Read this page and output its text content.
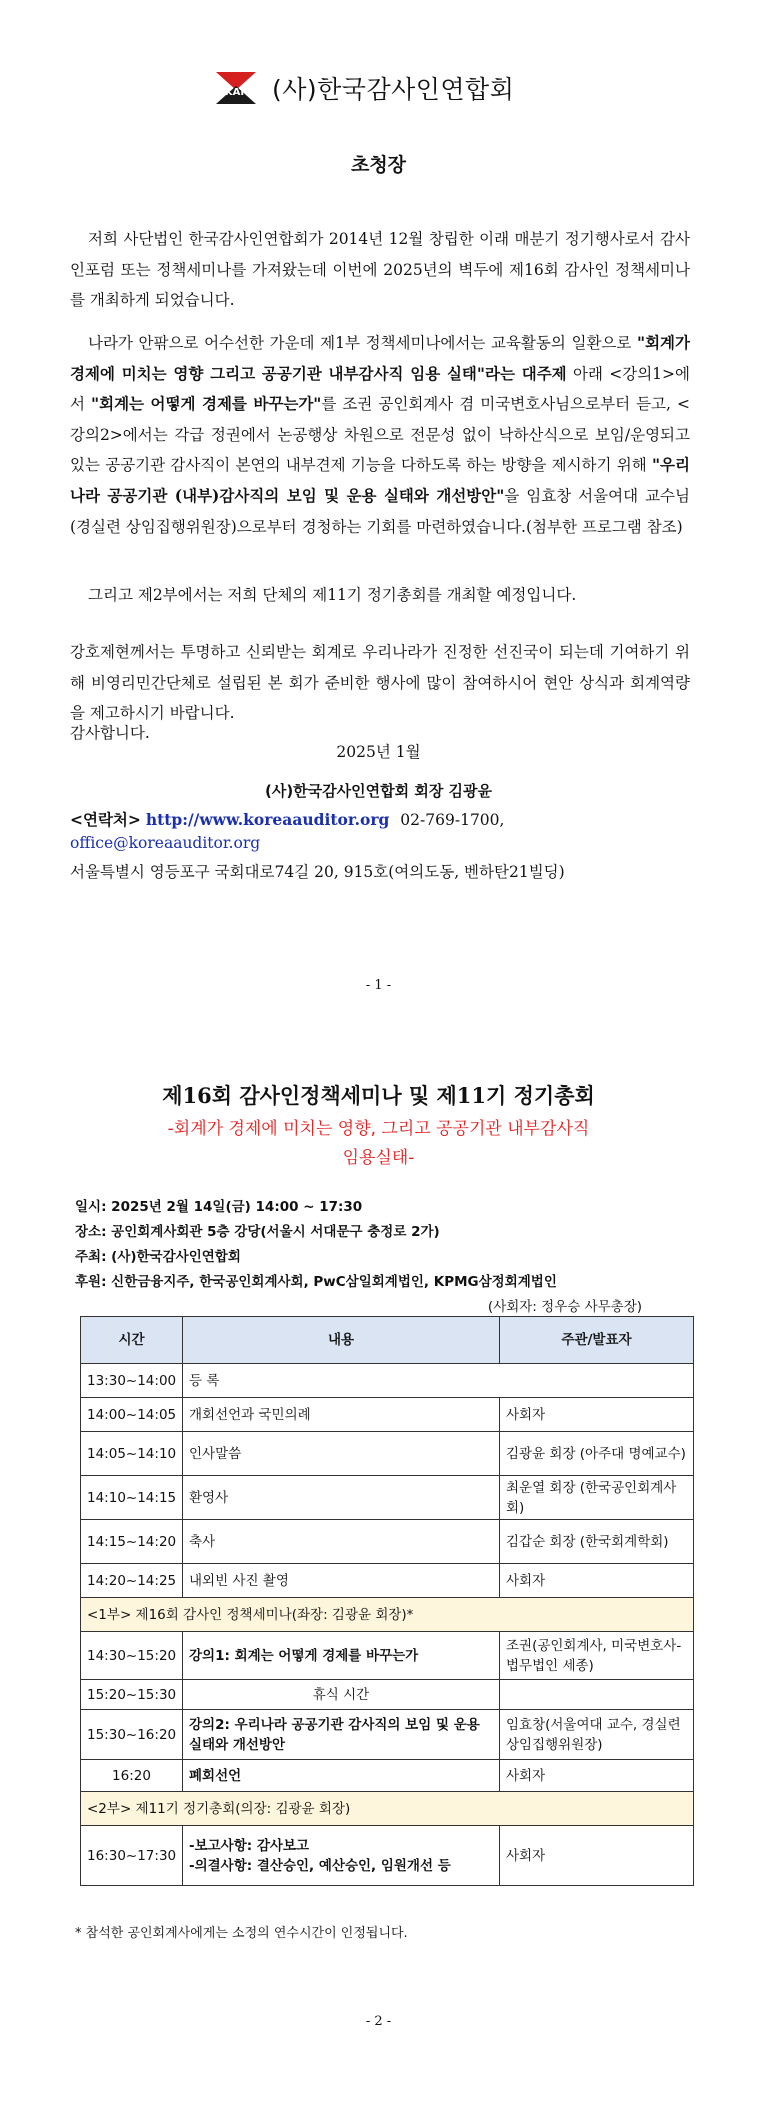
KAF (사)한국감사인연합회
초청장
저희 사단법인 한국감사인연합회가 2014년 12월 창립한 이래 매분기 정기행사로서 감사인포럼 또는 정책세미나를 가져왔는데 이번에 2025년의 벽두에 제16회 감사인 정책세미나를 개최하게 되었습니다.
나라가 안팎으로 어수선한 가운데 제1부 정책세미나에서는 교육활동의 일환으로 "회계가 경제에 미치는 영향 그리고 공공기관 내부감사직 임용 실태"라는 대주제 아래 <강의1>에서 "회계는 어떻게 경제를 바꾸는가"를 조권 공인회계사 겸 미국변호사님으로부터 듣고, <강의2>에서는 각급 정권에서 논공행상 차원으로 전문성 없이 낙하산식으로 보임/운영되고 있는 공공기관 감사직이 본연의 내부견제 기능을 다하도록 하는 방향을 제시하기 위해 "우리나라 공공기관 (내부)감사직의 보임 및 운용 실태와 개선방안"을 임효창 서울여대 교수님(경실련 상임집행위원장)으로부터 경청하는 기회를 마련하였습니다.(첨부한 프로그램 참조)
그리고 제2부에서는 저희 단체의 제11기 정기총회를 개최할 예정입니다.
강호제현께서는 투명하고 신뢰받는 회계로 우리나라가 진정한 선진국이 되는데 기여하기 위해 비영리민간단체로 설립된 본 회가 준비한 행사에 많이 참여하시어 현안 상식과 회계역량을 제고하시기 바랍니다.
감사합니다.
2025년 1월
(사)한국감사인연합회 회장 김광윤
<연락처> http://www.koreaauditor.org 02-769-1700,
office@koreaauditor.org
서울특별시 영등포구 국회대로74길 20, 915호(여의도동, 벤하탄21빌딩)
- 1 -
제16회 감사인정책세미나 및 제11기 정기총회
-회계가 경제에 미치는 영향, 그리고 공공기관 내부감사직
임용실태-
일시: 2025년 2월 14일(금) 14:00 ~ 17:30
장소: 공인회계사회관 5층 강당(서울시 서대문구 충정로 2가)
주최: (사)한국감사인연합회
후원: 신한금융지주, 한국공인회계사회, PwC삼일회계법인, KPMG삼정회계법인
(사회자: 정우승 사무총장)
시간	내용	주관/발표자
13:30~14:00	등 록	
14:00~14:05	개회선언과 국민의례	사회자
14:05~14:10	인사말씀	김광윤 회장 (아주대 명예교수)
14:10~14:15	환영사	최운열 회장 (한국공인회계사회)
14:15~14:20	축사	김갑순 회장 (한국회계학회)
14:20~14:25	내외빈 사진 촬영	사회자
<1부> 제16회 감사인 정책세미나(좌장: 김광윤 회장)*		
14:30~15:20	강의1: 회계는 어떻게 경제를 바꾸는가	조권(공인회계사, 미국변호사-법무법인 세종)
15:20~15:30	휴식 시간	
15:30~16:20	강의2: 우리나라 공공기관 감사직의 보임 및 운용 실태와 개선방안	임효창(서울여대 교수, 경실련 상임집행위원장)
16:20	폐회선언	사회자
<2부> 제11기 정기총회(의장: 김광윤 회장)		
16:30~17:30	-보고사항: 감사보고
-의결사항: 결산승인, 예산승인, 임원개선 등	사회자
* 참석한 공인회계사에게는 소정의 연수시간이 인정됩니다.
- 2 -
